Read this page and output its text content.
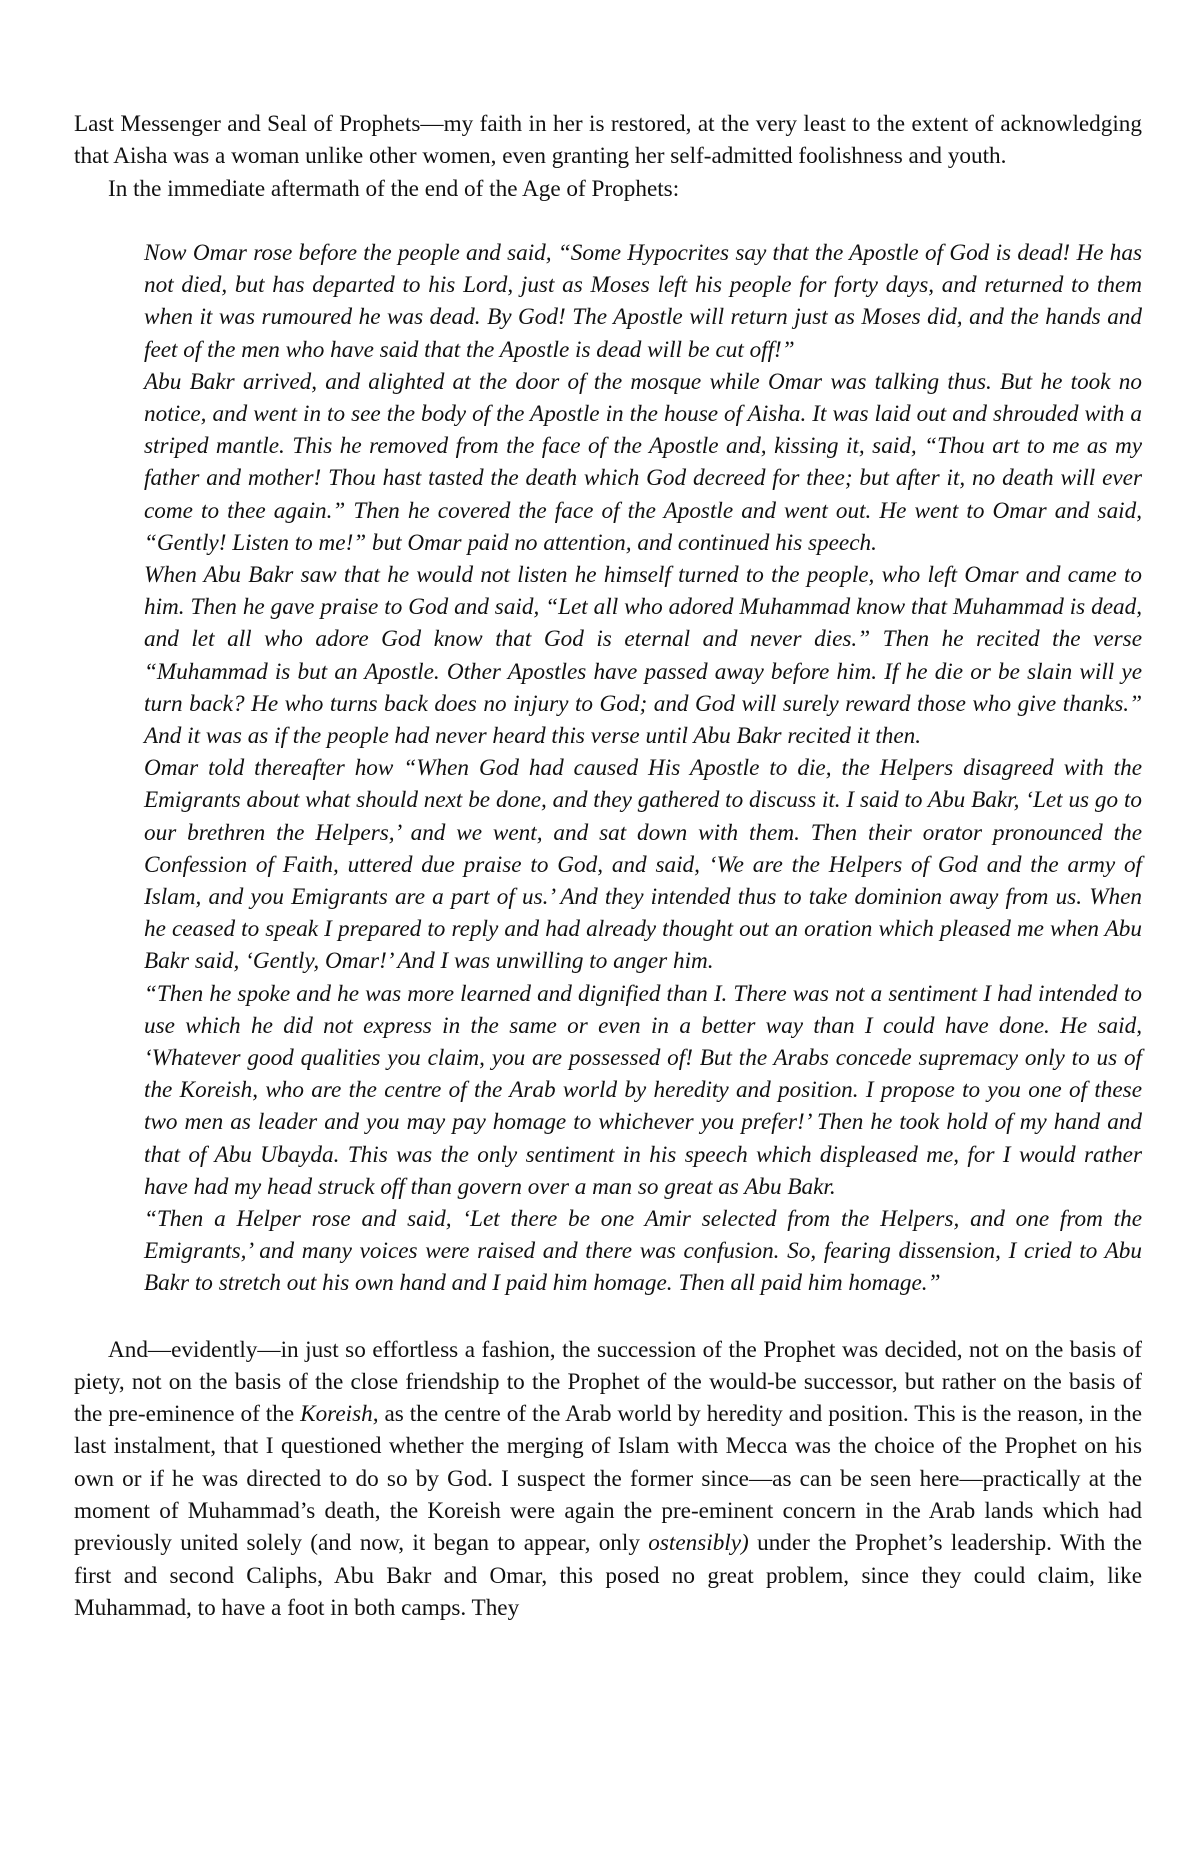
Last Messenger and Seal of Prophets—my faith in her is restored, at the very least to the extent of acknowledging that Aisha was a woman unlike other women, even granting her self-admitted foolishness and youth.

In the immediate aftermath of the end of the Age of Prophets:

Now Omar rose before the people and said, “Some Hypocrites say that the Apostle of God is dead! He has not died, but has departed to his Lord, just as Moses left his people for forty days, and returned to them when it was rumoured he was dead. By God! The Apostle will return just as Moses did, and the hands and feet of the men who have said that the Apostle is dead will be cut off!”

Abu Bakr arrived, and alighted at the door of the mosque while Omar was talking thus. But he took no notice, and went in to see the body of the Apostle in the house of Aisha. It was laid out and shrouded with a striped mantle. This he removed from the face of the Apostle and, kissing it, said, “Thou art to me as my father and mother! Thou hast tasted the death which God decreed for thee; but after it, no death will ever come to thee again.” Then he covered the face of the Apostle and went out. He went to Omar and said, “Gently! Listen to me!” but Omar paid no attention, and continued his speech.

When Abu Bakr saw that he would not listen he himself turned to the people, who left Omar and came to him. Then he gave praise to God and said, “Let all who adored Muhammad know that Muhammad is dead, and let all who adore God know that God is eternal and never dies.” Then he recited the verse “Muhammad is but an Apostle. Other Apostles have passed away before him. If he die or be slain will ye turn back? He who turns back does no injury to God; and God will surely reward those who give thanks.” And it was as if the people had never heard this verse until Abu Bakr recited it then.

Omar told thereafter how “When God had caused His Apostle to die, the Helpers disagreed with the Emigrants about what should next be done, and they gathered to discuss it. I said to Abu Bakr, ‘Let us go to our brethren the Helpers,’ and we went, and sat down with them. Then their orator pronounced the Confession of Faith, uttered due praise to God, and said, ‘We are the Helpers of God and the army of Islam, and you Emigrants are a part of us.’ And they intended thus to take dominion away from us. When he ceased to speak I prepared to reply and had already thought out an oration which pleased me when Abu Bakr said, ‘Gently, Omar!’ And I was unwilling to anger him.

“Then he spoke and he was more learned and dignified than I. There was not a sentiment I had intended to use which he did not express in the same or even in a better way than I could have done. He said, ‘Whatever good qualities you claim, you are possessed of! But the Arabs concede supremacy only to us of the Koreish, who are the centre of the Arab world by heredity and position. I propose to you one of these two men as leader and you may pay homage to whichever you prefer!’ Then he took hold of my hand and that of Abu Ubayda. This was the only sentiment in his speech which displeased me, for I would rather have had my head struck off than govern over a man so great as Abu Bakr.

“Then a Helper rose and said, ‘Let there be one Amir selected from the Helpers, and one from the Emigrants,’ and many voices were raised and there was confusion. So, fearing dissension, I cried to Abu Bakr to stretch out his own hand and I paid him homage. Then all paid him homage.”

And—evidently—in just so effortless a fashion, the succession of the Prophet was decided, not on the basis of piety, not on the basis of the close friendship to the Prophet of the would-be successor, but rather on the basis of the pre-eminence of the Koreish, as the centre of the Arab world by heredity and position. This is the reason, in the last instalment, that I questioned whether the merging of Islam with Mecca was the choice of the Prophet on his own or if he was directed to do so by God. I suspect the former since—as can be seen here—practically at the moment of Muhammad’s death, the Koreish were again the pre-eminent concern in the Arab lands which had previously united solely (and now, it began to appear, only ostensibly) under the Prophet’s leadership. With the first and second Caliphs, Abu Bakr and Omar, this posed no great problem, since they could claim, like Muhammad, to have a foot in both camps. They
